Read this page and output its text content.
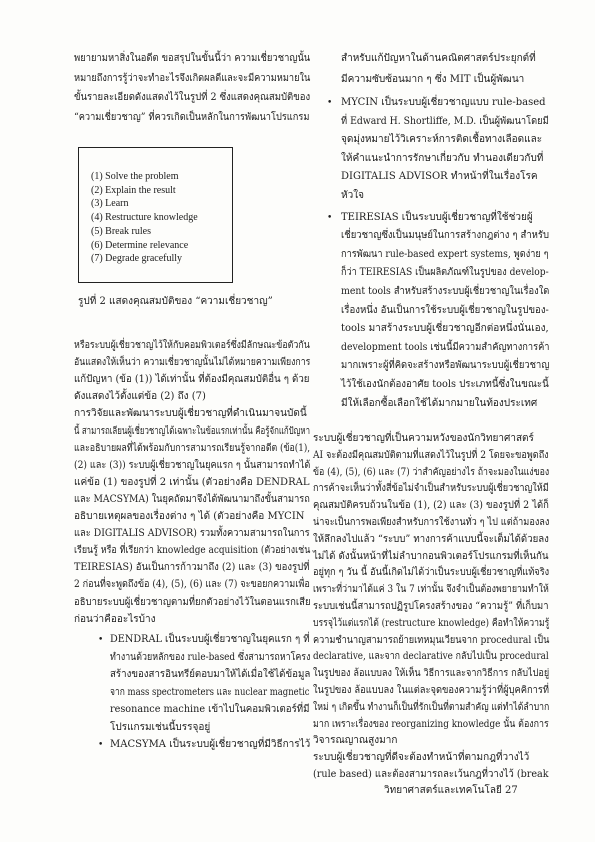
พยายามหาสิ่งในอดีต ขอสรุปในขั้นนี้ว่า ความเชี่ยวชาญนั้น
หมายถึงการรู้ว่าจะทำอะไรจึงเกิดผลดีและจะมีความหมายใน
ขั้นรายละเอียดดังแสดงไว้ในรูปที่ 2 ซึ่งแสดงคุณสมบัติของ
“ความเชี่ยวชาญ” ที่ควรเกิดเป็นหลักในการพัฒนาโปรแกรม
หรือระบบผู้เชี่ยวชาญไว้ให้กับคอมพิวเตอร์ซึ่งมีลักษณะข้อตัวกัน
อันแสดงให้เห็นว่า ความเชี่ยวชาญนั้นไม่ได้หมายความเพียงการ
แก้ปัญหา (ข้อ (1)) ได้เท่านั้น ที่ต้องมีคุณสมบัติอื่น ๆ ด้วย
ดังแสดงไว้ตั้งแต่ข้อ (2) ถึง (7)
การวิจัยและพัฒนาระบบผู้เชี่ยวชาญที่ดำเนินมาจนบัดนี้
นี้ สามารถเลียนผู้เชี่ยวชาญได้เฉพาะในข้อแรกเท่านั้น คือรู้จักแก้ปัญหา
และอธิบายผลที่ได้พร้อมกับการสามารถเรียนรู้จากอดีต (ข้อ(1),
(2) และ (3)) ระบบผู้เชี่ยวชาญในยุคแรก ๆ นั้นสามารถทำได้
แค่ข้อ (1) ของรูปที่ 2 เท่านั้น (ตัวอย่างคือ DENDRAL
และ MACSYMA) ในยุคถัดมาจึงได้พัฒนามาถึงขั้นสามารถ
อธิบายเหตุผลของเรื่องต่าง ๆ ได้ (ตัวอย่างคือ MYCIN
และ DIGITALIS ADVISOR) รวมทั้งความสามารถในการ
เรียนรู้ หรือ ที่เรียกว่า knowledge acquisition (ตัวอย่างเช่น
TEIRESIAS) อันเป็นการก้าวมาถึง (2) และ (3) ของรูปที่
2 ก่อนที่จะพูดถึงข้อ (4), (5), (6) และ (7) จะขอยกความเพื่อ
อธิบายระบบผู้เชี่ยวชาญตามที่ยกตัวอย่างไว้ในตอนแรกเสีย
ก่อนว่าคืออะไรบ้าง
• DENDRAL เป็นระบบผู้เชี่ยวชาญในยุคแรก ๆ ที่
ทำงานด้วยหลักของ rule-based ซึ่งสามารถหาโครง
สร้างของสารอินทรีย์ตอบมาให้ได้เมื่อใช้ได้ข้อมูล
จาก mass spectrometers และ nuclear magnetic
resonance machine เข้าไปในคอมพิวเตอร์ที่มี
โปรแกรมเช่นนี้บรรจุอยู่
• MACSYMA เป็นระบบผู้เชี่ยวชาญที่มีวิธีการไว้
สำหรับแก้ปัญหาในด้านคณิตศาสตร์ประยุกต์ที่
มีความซับซ้อนมาก ๆ ซึ่ง MIT เป็นผู้พัฒนา
• MYCIN เป็นระบบผู้เชี่ยวชาญแบบ rule-based
ที่ Edward H. Shortliffe, M.D. เป็นผู้พัฒนาโดยมี
จุดมุ่งหมายไว้วิเคราะห์การติดเชื้อทางเลือดและ
ให้คำแนะนำการรักษาเกี่ยวกับ ทำนองเดียวกับที่
DIGITALIS ADVISOR ทำหน้าที่ในเรื่องโรค
หัวใจ
• TEIRESIAS เป็นระบบผู้เชี่ยวชาญที่ใช้ช่วยผู้
เชี่ยวชาญซึ่งเป็นมนุษย์ในการสร้างกฎต่าง ๆ สำหรับ
การพัฒนา rule-based expert systems, พูดง่าย ๆ
ก็ว่า TEIRESIAS เป็นผลิตภัณฑ์ในรูปของ develop-
ment tools สำหรับสร้างระบบผู้เชี่ยวชาญในเรื่องใด
เรื่องหนึ่ง อันเป็นการใช้ระบบผู้เชี่ยวชาญในรูปของ-
tools มาสร้างระบบผู้เชี่ยวชาญอีกต่อหนึ่งนั่นเอง,
development tools เช่นนี้มีความสำคัญทางการค้า
มากเพราะผู้ที่คิดจะสร้างหรือพัฒนาระบบผู้เชี่ยวชาญ
ไว้ใช้เองนักต้องอาศัย tools ประเภทนี้ซึ่งในขณะนี้
มีให้เลือกซื้อเลือกใช้ได้มากมายในท้องประเทศ
ระบบผู้เชี่ยวชาญที่เป็นความหวังของนักวิทยาศาสตร์
AI จะต้องมีคุณสมบัติตามที่แสดงไว้ในรูปที่ 2 โดยจะขอพูดถึง
ข้อ (4), (5), (6) และ (7) ว่าสำคัญอย่างไร ถ้าจะมองในแง่ของ
การค้าจะเห็นว่าทั้งสี่ข้อไม่จำเป็นสำหรับระบบผู้เชี่ยวชาญให้มี
คุณสมบัติครบถ้วนในข้อ (1), (2) และ (3) ของรูปที่ 2 ได้ก็
น่าจะเป็นการพอเพียงสำหรับการใช้งานทั่ว ๆ ไป แต่ถ้ามองลง
ให้ลึกลงไปแล้ว “ระบบ” ทางการค้าแบบนี้จะเต็มได้ด้วยลง
ไม่ได้ ดังนั้นหน้าที่ไม่ลำบากอนพิวเตอร์โปรแกรมที่เห็นกัน
อยู่ทุก ๆ วัน นี้ อันนี้เกิดไม่ได้ว่าเป็นระบบผู้เชี่ยวชาญที่แท้จริง
เพราะที่ว่ามาได้แค่ 3 ใน 7 เท่านั้น จึงจำเป็นต้องพยายามทำให้
ระบบเช่นนี้สามารถปฏิรูปโครงสร้างของ “ความรู้” ที่เก็บมา
บรรจุไว้แต่แรกได้ (restructure knowledge) คือทำให้ความรู้
ความชำนาญสามารถย้ายเทหมุนเวียนจาก procedural เป็น
declarative, และจาก declarative กลับไปเป็น procedural
ในรูปของ ล้อแบบลง ให้เห็น วิธีการและจากวิธีการ กลับไปอยู่
ในรูปของ ล้อแบบลง ในแต่ละจุดของความรู้ว่าที่ผู้บุคคิการที่
ใหม่ ๆ เกิดขึ้น ทำงานก็เป็นที่รักเป็นที่ตามสำคัญ แต่ทำได้ลำบาก
มาก เพราะเรื่องของ reorganizing knowledge นั้น ต้องการ
วิจารณญาณสูงมาก
ระบบผู้เชี่ยวชาญที่ดีจะต้องทำหน้าที่ตามกฎที่วางไว้
(rule based) และต้องสามารถละเว้นกฎที่วางไว้ (break
(1) Solve the problem
(2) Explain the result
(3) Learn
(4) Restructure knowledge
(5) Break rules
(6) Determine relevance
(7) Degrade gracefully
รูปที่ 2 แสดงคุณสมบัติของ “ความเชี่ยวชาญ”
วิทยาศาสตร์และเทคโนโลยี 27
